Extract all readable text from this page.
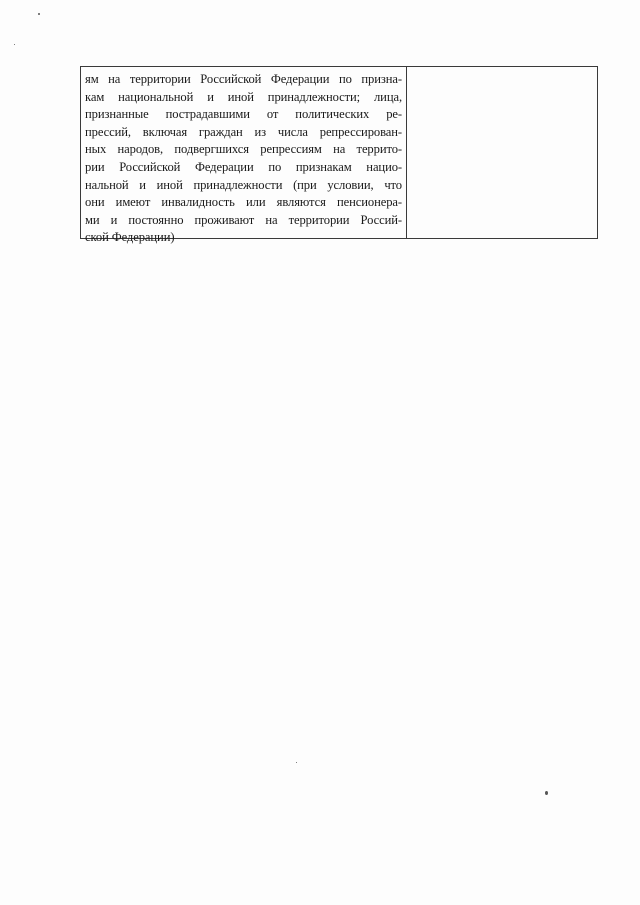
ям на территории Российской Федерации по призна-
кам национальной и иной принадлежности; лица,
признанные пострадавшими от политических ре-
прессий, включая граждан из числа репрессирован-
ных народов, подвергшихся репрессиям на террито-
рии Российской Федерации по признакам нацио-
нальной и иной принадлежности (при условии, что
они имеют инвалидность или являются пенсионера-
ми и постоянно проживают на территории Россий-
ской Федерации)
